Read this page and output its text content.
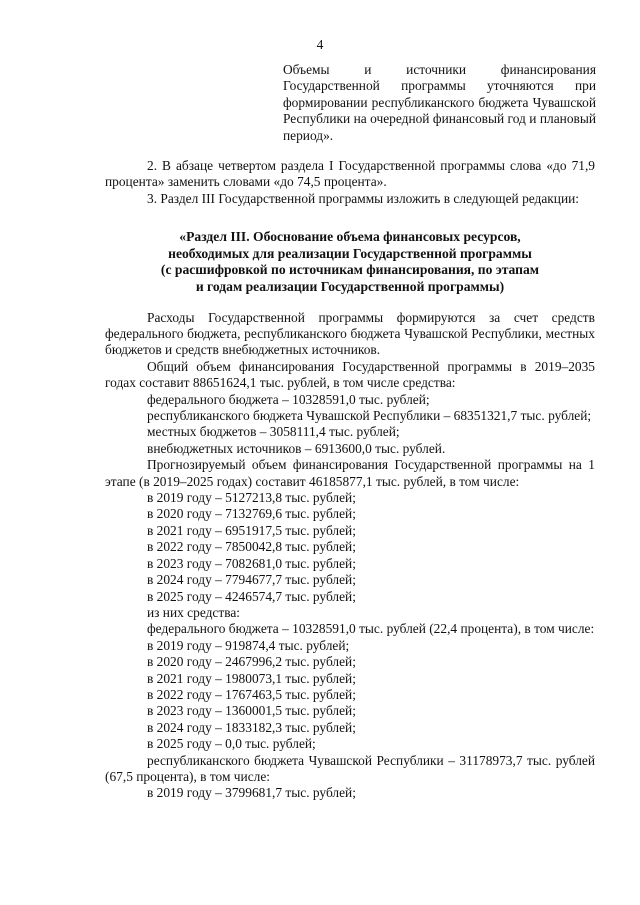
4

Объемы и источники финансирования Государственной программы уточняются при формировании республиканского бюджета Чувашской Республики на очередной финансовый год и плановый период».

2. В абзаце четвертом раздела I Государственной программы слова «до 71,9 процента» заменить словами «до 74,5 процента».

3. Раздел III Государственной программы изложить в следующей редакции:

«Раздел III. Обоснование объема финансовых ресурсов,
необходимых для реализации Государственной программы
(с расшифровкой по источникам финансирования, по этапам
и годам реализации Государственной программы)

Расходы Государственной программы формируются за счет средств федерального бюджета, республиканского бюджета Чувашской Республики, местных бюджетов и средств внебюджетных источников.

Общий объем финансирования Государственной программы в 2019–2035 годах составит 88651624,1 тыс. рублей, в том числе средства:

федерального бюджета – 10328591,0 тыс. рублей;

республиканского бюджета Чувашской Республики – 68351321,7 тыс. рублей;

местных бюджетов – 3058111,4 тыс. рублей;

внебюджетных источников – 6913600,0 тыс. рублей.

Прогнозируемый объем финансирования Государственной программы на 1 этапе (в 2019–2025 годах) составит 46185877,1 тыс. рублей, в том числе:

в 2019 году – 5127213,8 тыс. рублей;

в 2020 году – 7132769,6 тыс. рублей;

в 2021 году – 6951917,5 тыс. рублей;

в 2022 году – 7850042,8 тыс. рублей;

в 2023 году – 7082681,0 тыс. рублей;

в 2024 году – 7794677,7 тыс. рублей;

в 2025 году – 4246574,7 тыс. рублей;

из них средства:

федерального бюджета – 10328591,0 тыс. рублей (22,4 процента), в том числе:

в 2019 году – 919874,4 тыс. рублей;

в 2020 году – 2467996,2 тыс. рублей;

в 2021 году – 1980073,1 тыс. рублей;

в 2022 году – 1767463,5 тыс. рублей;

в 2023 году – 1360001,5 тыс. рублей;

в 2024 году – 1833182,3 тыс. рублей;

в 2025 году – 0,0 тыс. рублей;

республиканского бюджета Чувашской Республики – 31178973,7 тыс. рублей (67,5 процента), в том числе:

в 2019 году – 3799681,7 тыс. рублей;
